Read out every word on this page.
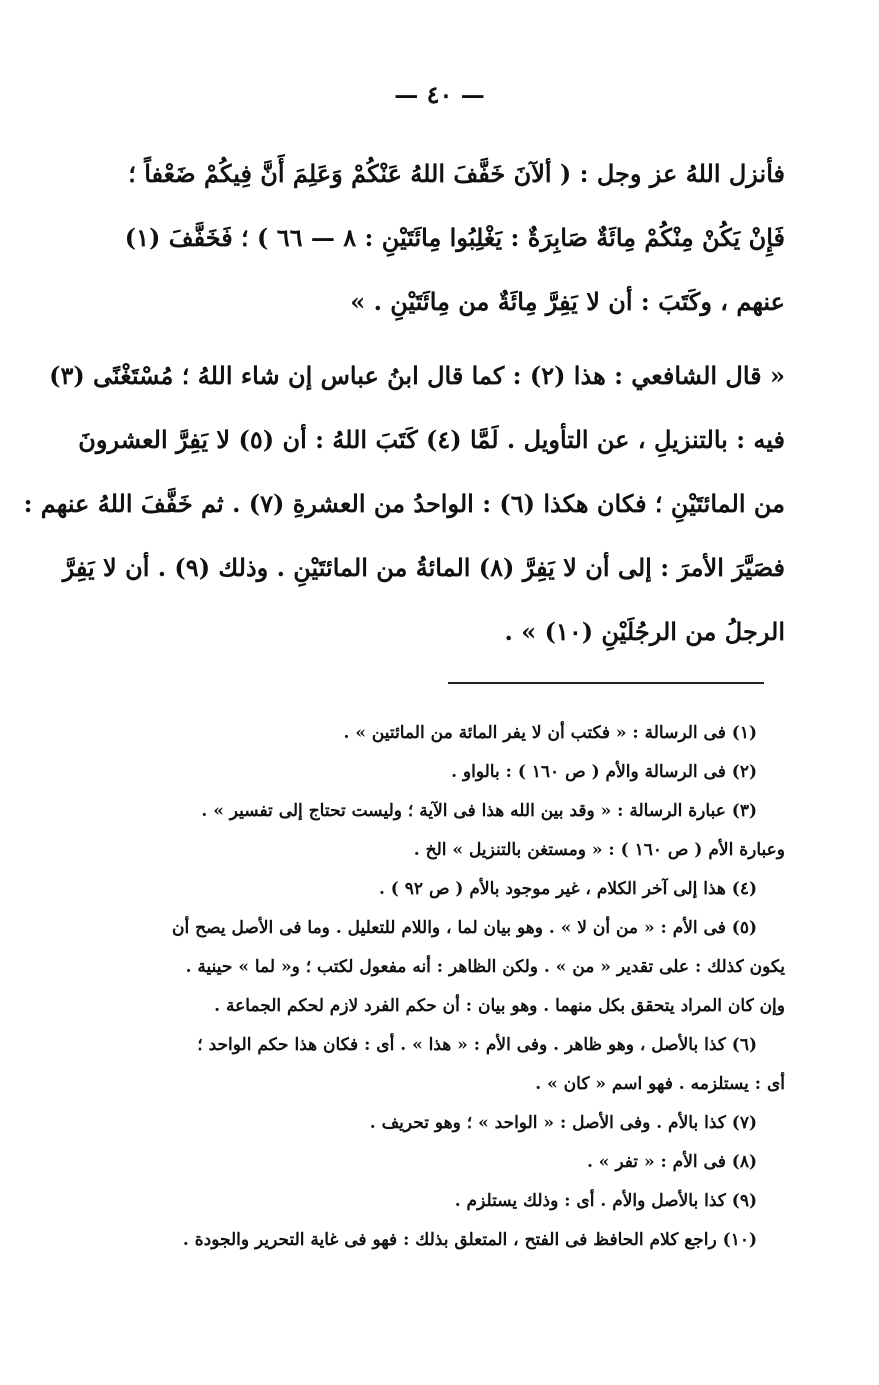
— ٤٠ —
فأنزل اللهُ عز وجل : ( ألآنَ خَفَّفَ اللهُ عَنْكُمْ وَعَلِمَ أَنَّ فِيكُمْ ضَعْفاً ؛
فَإِنْ يَكُنْ مِنْكُمْ مِائَةٌ صَابِرَةٌ : يَغْلِبُوا مِائَتَيْنِ : ٨ — ٦٦ ) ؛ فَخَفَّفَ (١)
عنهم ، وكَتَبَ : أن لا يَفِرَّ مِائَةٌ من مِائَتَيْنِ . »
« قال الشافعي : هذا (٢) : كما قال ابنُ عباس إن شاء اللهُ ؛ مُسْتَغْنًى (٣)
فيه : بالتنزيلِ ، عن التأويل . لَمَّا (٤) كَتَبَ اللهُ : أن (٥) لا يَفِرَّ العشرونَ
من المائتَيْنِ ؛ فكان هكذا (٦) : الواحدُ من العشرةِ (٧) . ثم خَفَّفَ اللهُ عنهم :
فصَيَّرَ الأمرَ : إلى أن لا يَفِرَّ (٨) المائةُ من المائتَيْنِ . وذلك (٩) . أن لا يَفِرَّ
الرجلُ من الرجُلَيْنِ (١٠) » .
(١) فى الرسالة : « فكتب أن لا يفر المائة من المائتين » .
(٢) فى الرسالة والأم ( ص ١٦٠ ) : بالواو .
(٣) عبارة الرسالة : « وقد بين الله هذا فى الآية ؛ وليست تحتاج إلى تفسير » .
وعبارة الأم ( ص ١٦٠ ) : « ومستغن بالتنزيل » الخ .
(٤) هذا إلى آخر الكلام ، غير موجود بالأم ( ص ٩٢ ) .
(٥) فى الأم : « من أن لا » . وهو بيان لما ، واللام للتعليل . وما فى الأصل يصح أن
يكون كذلك : على تقدير « من » . ولكن الظاهر : أنه مفعول لكتب ؛ و« لما » حينية .
وإن كان المراد يتحقق بكل منهما . وهو بيان : أن حكم الفرد لازم لحكم الجماعة .
(٦) كذا بالأصل ، وهو ظاهر . وفى الأم : « هذا » . أى : فكان هذا حكم الواحد ؛
أى : يستلزمه . فهو اسم « كان » .
(٧) كذا بالأم . وفى الأصل : « الواحد » ؛ وهو تحريف .
(٨) فى الأم : « تفر » .
(٩) كذا بالأصل والأم . أى : وذلك يستلزم .
(١٠) راجع كلام الحافظ فى الفتح ، المتعلق بذلك : فهو فى غاية التحرير والجودة .
